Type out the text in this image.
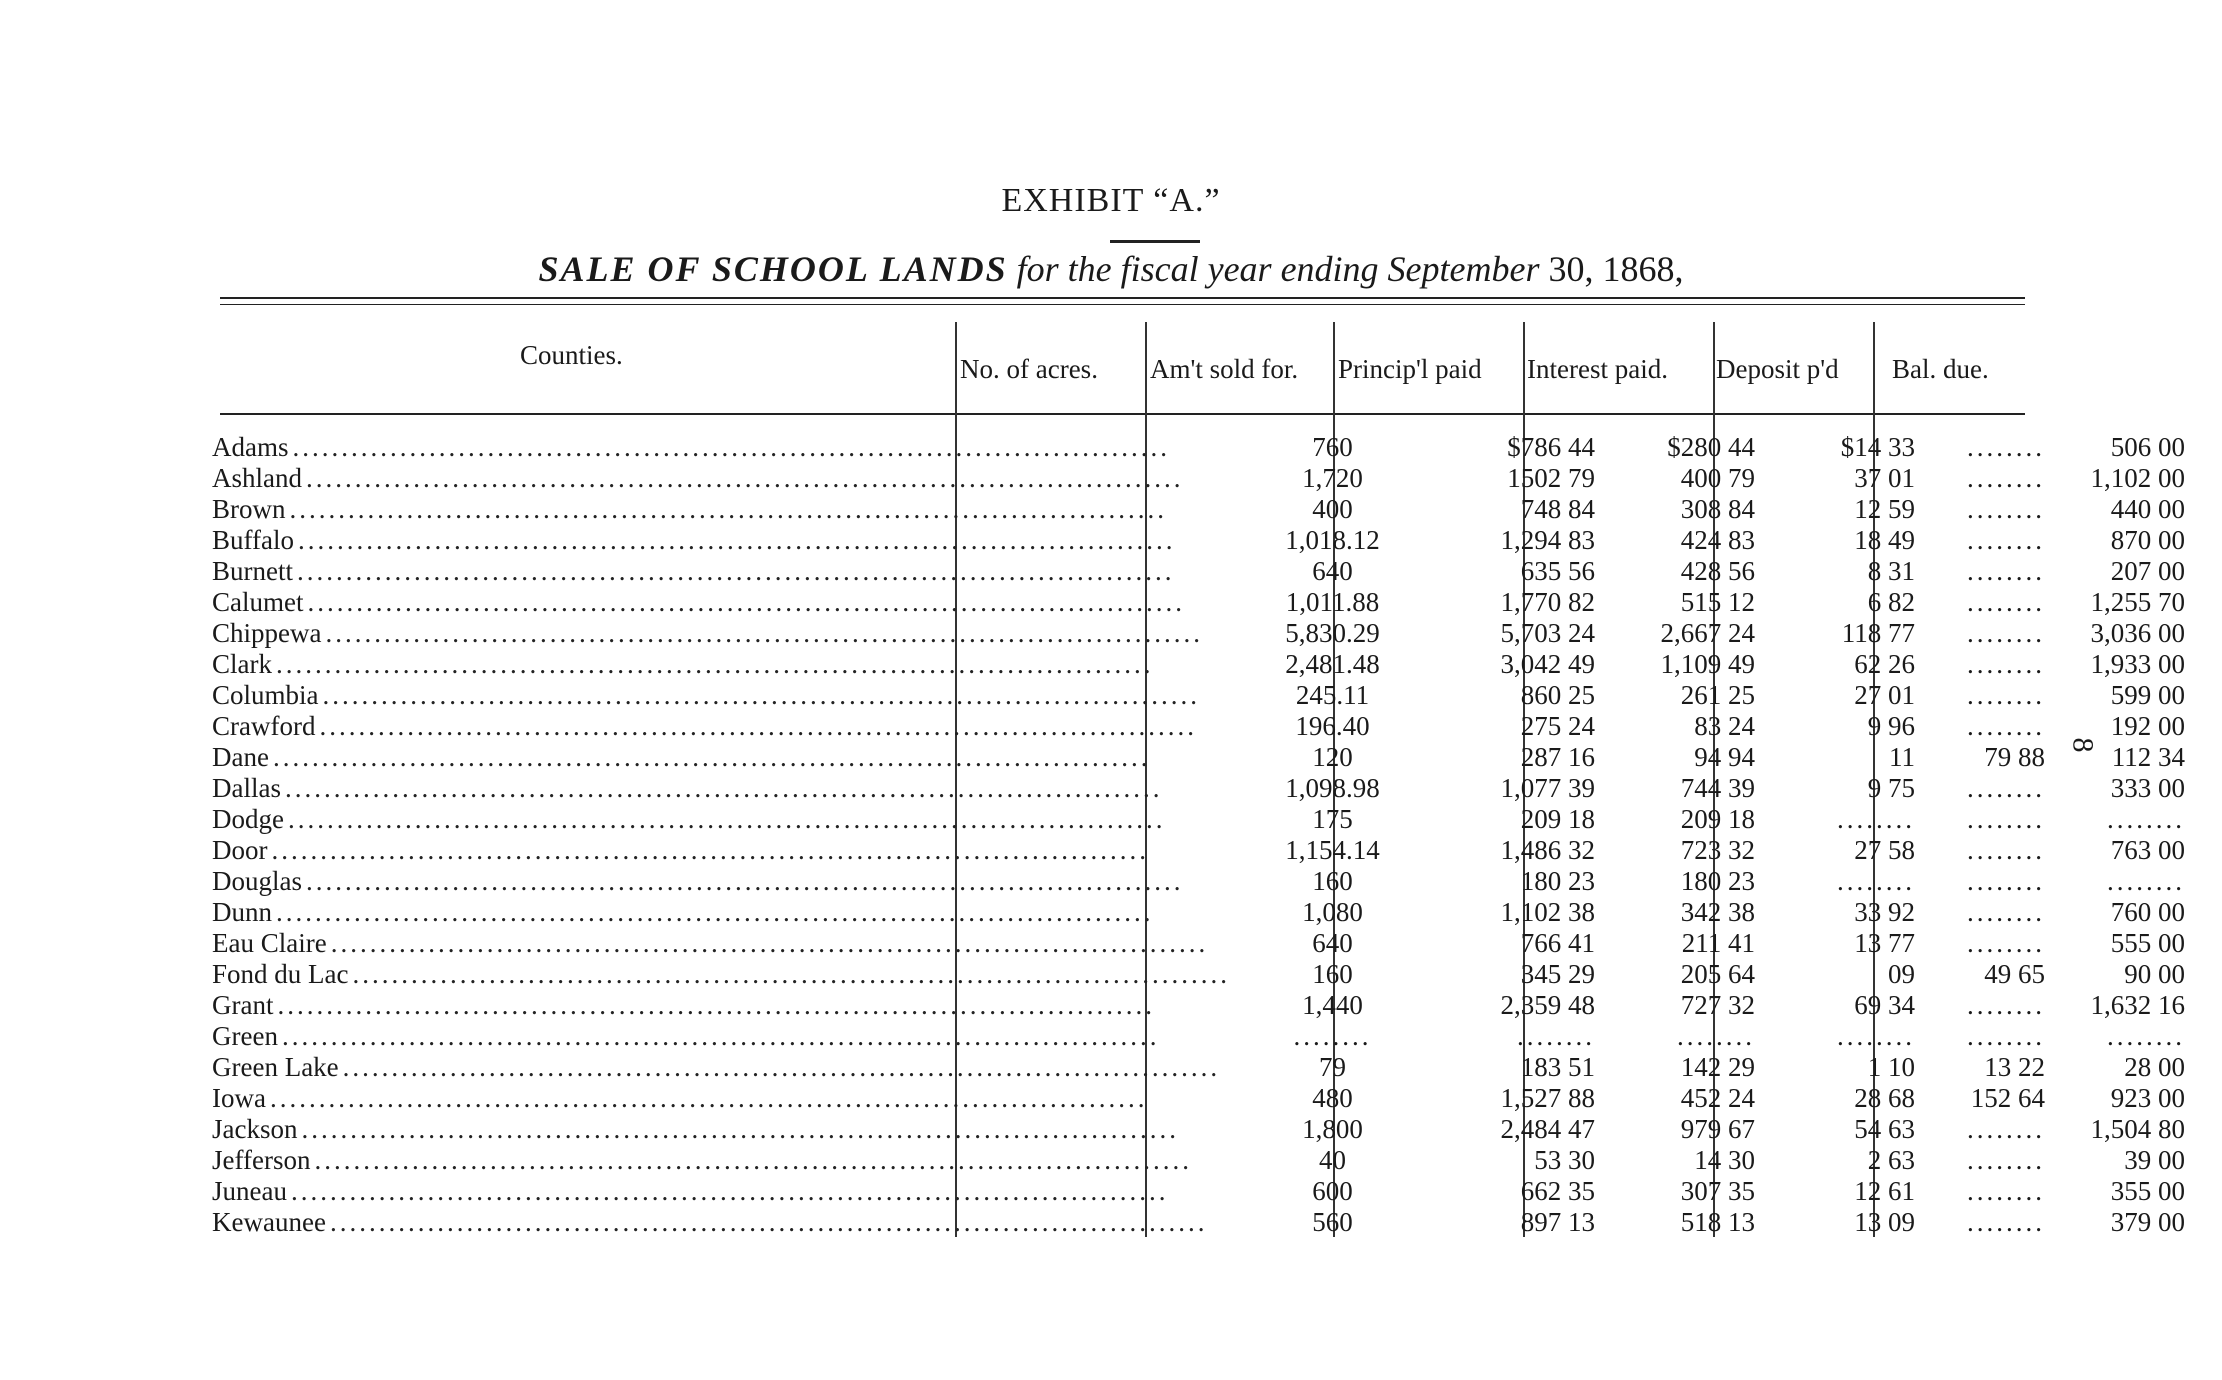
EXHIBIT “A.”
SALE OF SCHOOL LANDS for the fiscal year ending September 30, 1868,
Counties.	No. of acres. Am't sold for. Princip'l paid Interest paid. Deposit p'd Bal. due.
Adams ..........................................................................................	760	$786 44	$280 44	$14 33	........	506 00
Ashland ..........................................................................................	1,720	1502 79	400 79	37 01	........	1,102 00
Brown ..........................................................................................	400	748 84	308 84	12 59	........	440 00
Buffalo ..........................................................................................	1,018.12	1,294 83	424 83	18 49	........	870 00
Burnett ..........................................................................................	640	635 56	428 56	8 31	........	207 00
Calumet ..........................................................................................	1,011.88	1,770 82	515 12	6 82	........	1,255 70
Chippewa ..........................................................................................	5,830.29	5,703 24	2,667 24	118 77	........	3,036 00
Clark ..........................................................................................	2,481.48	3,042 49	1,109 49	62 26	........	1,933 00
Columbia ..........................................................................................	245.11	860 25	261 25	27 01	........	599 00
Crawford ..........................................................................................	196.40	275 24	83 24	9 96	........	192 00
Dane ..........................................................................................	120	287 16	94 94	11	79 88	112 34
Dallas ..........................................................................................	1,098.98	1,077 39	744 39	9 75	........	333 00
Dodge ..........................................................................................	175	209 18	209 18	........	........	........
Door ..........................................................................................	1,154.14	1,486 32	723 32	27 58	........	763 00
Douglas ..........................................................................................	160	180 23	180 23	........	........	........
Dunn ..........................................................................................	1,080	1,102 38	342 38	33 92	........	760 00
Eau Claire ..........................................................................................	640	766 41	211 41	13 77	........	555 00
Fond du Lac ..........................................................................................	160	345 29	205 64	09	49 65	90 00
Grant ..........................................................................................	1,440	2,359 48	727 32	69 34	........	1,632 16
Green ..........................................................................................	........	........	........	........	........	........
Green Lake ..........................................................................................	79	183 51	142 29	1 10	13 22	28 00
Iowa ..........................................................................................	480	1,527 88	452 24	28 68	152 64	923 00
Jackson ..........................................................................................	1,800	2,484 47	979 67	54 63	........	1,504 80
Jefferson ..........................................................................................	40	53 30	14 30	2 63	........	39 00
Juneau ..........................................................................................	600	662 35	307 35	12 61	........	355 00
Kewaunee ..........................................................................................	560	897 13	518 13	13 09	........	379 00
8
